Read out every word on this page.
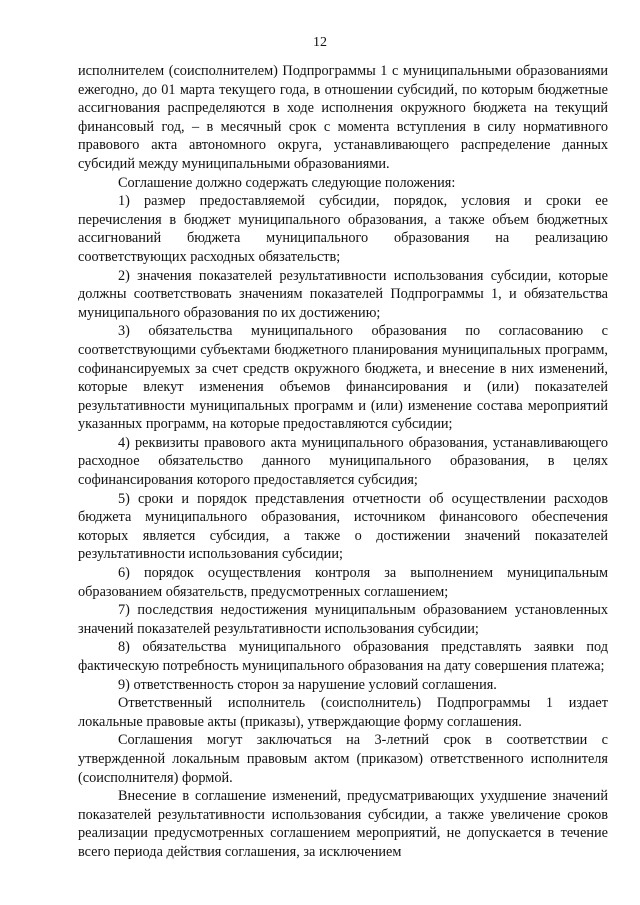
12

исполнителем (соисполнителем) Подпрограммы 1 с муниципальными образованиями ежегодно, до 01 марта текущего года, в отношении субсидий, по которым бюджетные ассигнования распределяются в ходе исполнения окружного бюджета на текущий финансовый год, – в месячный срок с момента вступления в силу нормативного правового акта автономного округа, устанавливающего распределение данных субсидий между муниципальными образованиями.

Соглашение должно содержать следующие положения:

1) размер предоставляемой субсидии, порядок, условия и сроки ее перечисления в бюджет муниципального образования, а также объем бюджетных ассигнований бюджета муниципального образования на реализацию соответствующих расходных обязательств;

2) значения показателей результативности использования субсидии, которые должны соответствовать значениям показателей Подпрограммы 1, и обязательства муниципального образования по их достижению;

3) обязательства муниципального образования по согласованию с соответствующими субъектами бюджетного планирования муниципальных программ, софинансируемых за счет средств окружного бюджета, и внесение в них изменений, которые влекут изменения объемов финансирования и (или) показателей результативности муниципальных программ и (или) изменение состава мероприятий указанных программ, на которые предоставляются субсидии;

4) реквизиты правового акта муниципального образования, устанавливающего расходное обязательство данного муниципального образования, в целях софинансирования которого предоставляется субсидия;

5) сроки и порядок представления отчетности об осуществлении расходов бюджета муниципального образования, источником финансового обеспечения которых является субсидия, а также о достижении значений показателей результативности использования субсидии;

6) порядок осуществления контроля за выполнением муниципальным образованием обязательств, предусмотренных соглашением;

7) последствия недостижения муниципальным образованием установленных значений показателей результативности использования субсидии;

8) обязательства муниципального образования представлять заявки под фактическую потребность муниципального образования на дату совершения платежа;

9) ответственность сторон за нарушение условий соглашения.

Ответственный исполнитель (соисполнитель) Подпрограммы 1 издает локальные правовые акты (приказы), утверждающие форму соглашения.

Соглашения могут заключаться на 3-летний срок в соответствии с утвержденной локальным правовым актом (приказом) ответственного исполнителя (соисполнителя) формой.

Внесение в соглашение изменений, предусматривающих ухудшение значений показателей результативности использования субсидии, а также увеличение сроков реализации предусмотренных соглашением мероприятий, не допускается в течение всего периода действия соглашения, за исключением
